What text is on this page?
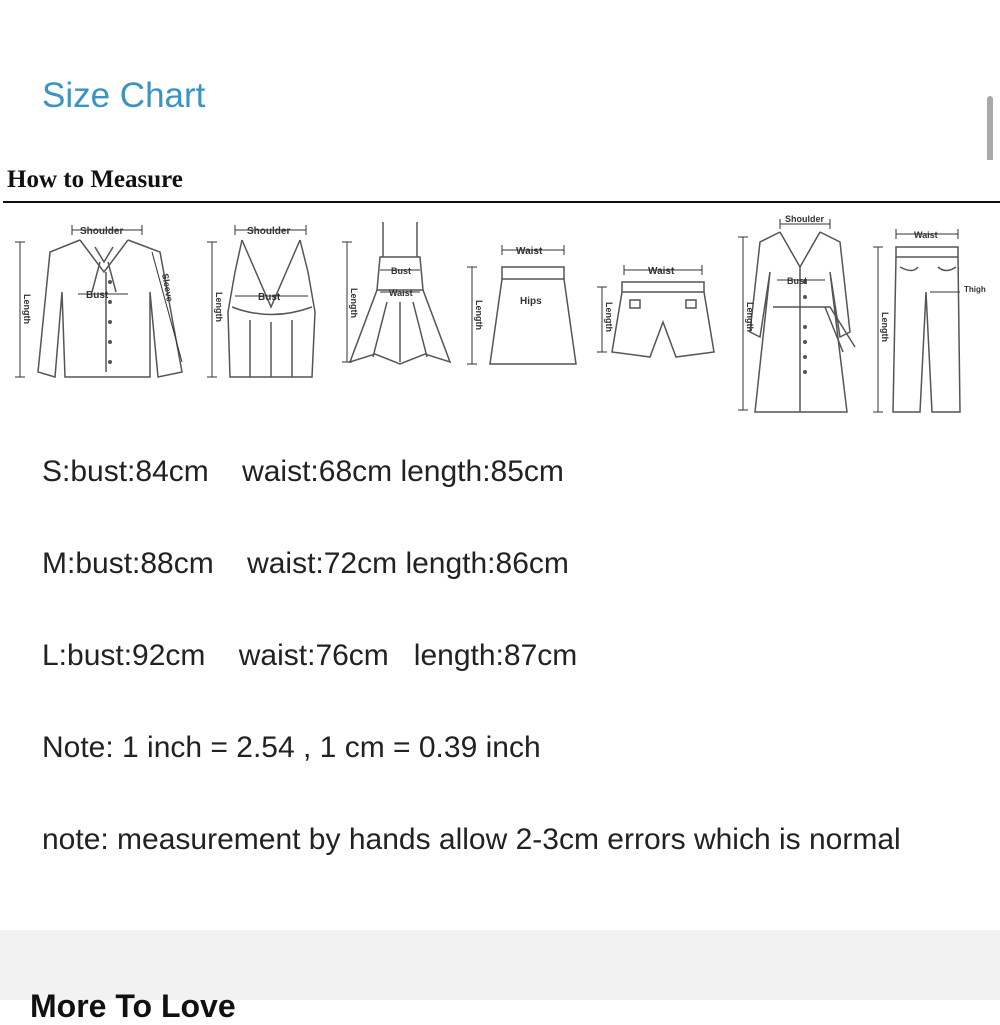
Size Chart
How to Measure
Shoulder
Bust	Sleeve
Length
Shoulder
Bust
Length
Bust
Waist
Length
Waist
Hips
Length
Waist
Length
Shoulder
Bust
Length
Waist
Thigh
Length
S:bust:84cm    waist:68cm length:85cm
M:bust:88cm    waist:72cm length:86cm
L:bust:92cm    waist:76cm   length:87cm
Note: 1 inch = 2.54 , 1 cm = 0.39 inch
note: measurement by hands allow 2-3cm errors which is normal
More To Love
